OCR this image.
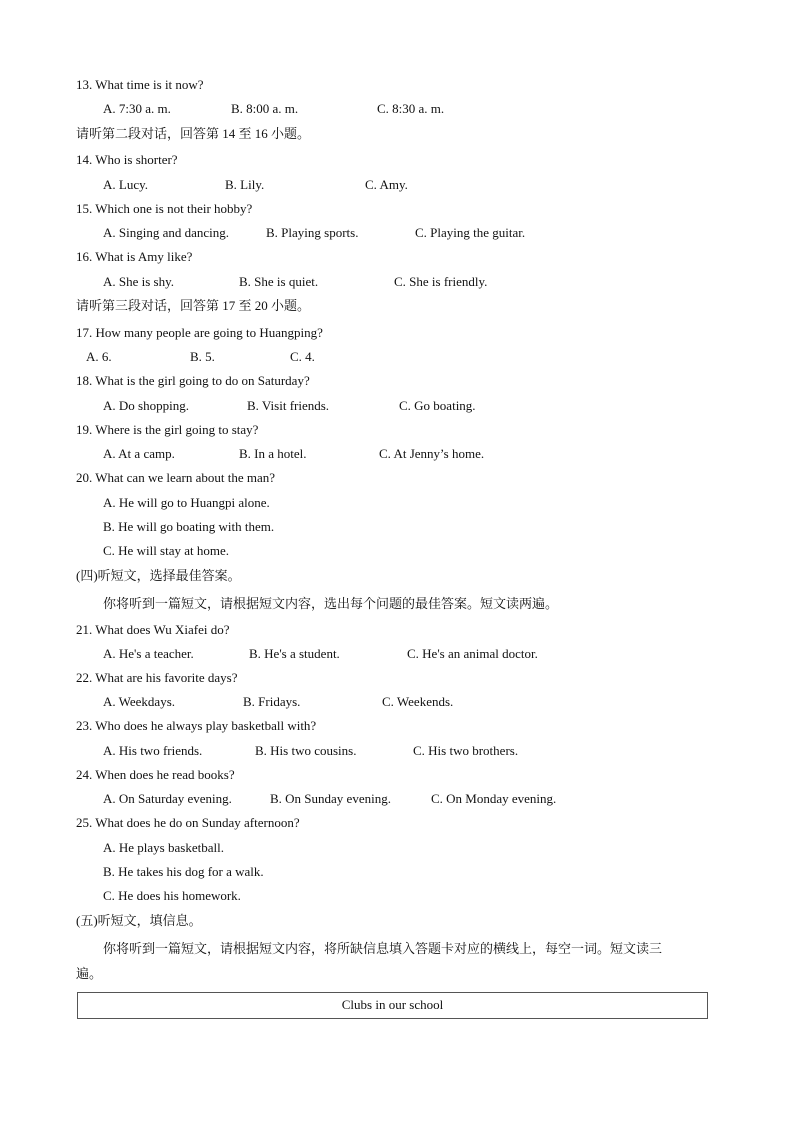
13. What time is it now?
A. 7:30 a. m.	B. 8:00 a. m.	C. 8:30 a. m.
请听第二段对话，回答第 14 至 16 小题。
14. Who is shorter?
A. Lucy.	B. Lily.	C. Amy.
15. Which one is not their hobby?
A. Singing and dancing.	B. Playing sports.	C. Playing the guitar.
16. What is Amy like?
A. She is shy.	B. She is quiet.	C. She is friendly.
请听第三段对话，回答第 17 至 20 小题。
17. How many people are going to Huangping?
A. 6.	B. 5.	C. 4.
18. What is the girl going to do on Saturday?
A. Do shopping.	B. Visit friends.	C. Go boating.
19. Where is the girl going to stay?
A. At a camp.	B. In a hotel.	C. At Jenny’s home.
20. What can we learn about the man?
A. He will go to Huangpi alone.
B. He will go boating with them.
C. He will stay at home.
(四)听短文，选择最佳答案。
你将听到一篇短文，请根据短文内容，选出每个问题的最佳答案。短文读两遍。
21. What does Wu Xiafei do?
A. He's a teacher.	B. He's a student.	C. He's an animal doctor.
22. What are his favorite days?
A. Weekdays.	B. Fridays.	C. Weekends.
23. Who does he always play basketball with?
A. His two friends.	B. His two cousins.	C. His two brothers.
24. When does he read books?
A. On Saturday evening.	B. On Sunday evening.	C. On Monday evening.
25. What does he do on Sunday afternoon?
A. He plays basketball.
B. He takes his dog for a walk.
C. He does his homework.
(五)听短文，填信息。
你将听到一篇短文，请根据短文内容，将所缺信息填入答题卡对应的横线上，每空一词。短文读三
遍。
Clubs in our school
